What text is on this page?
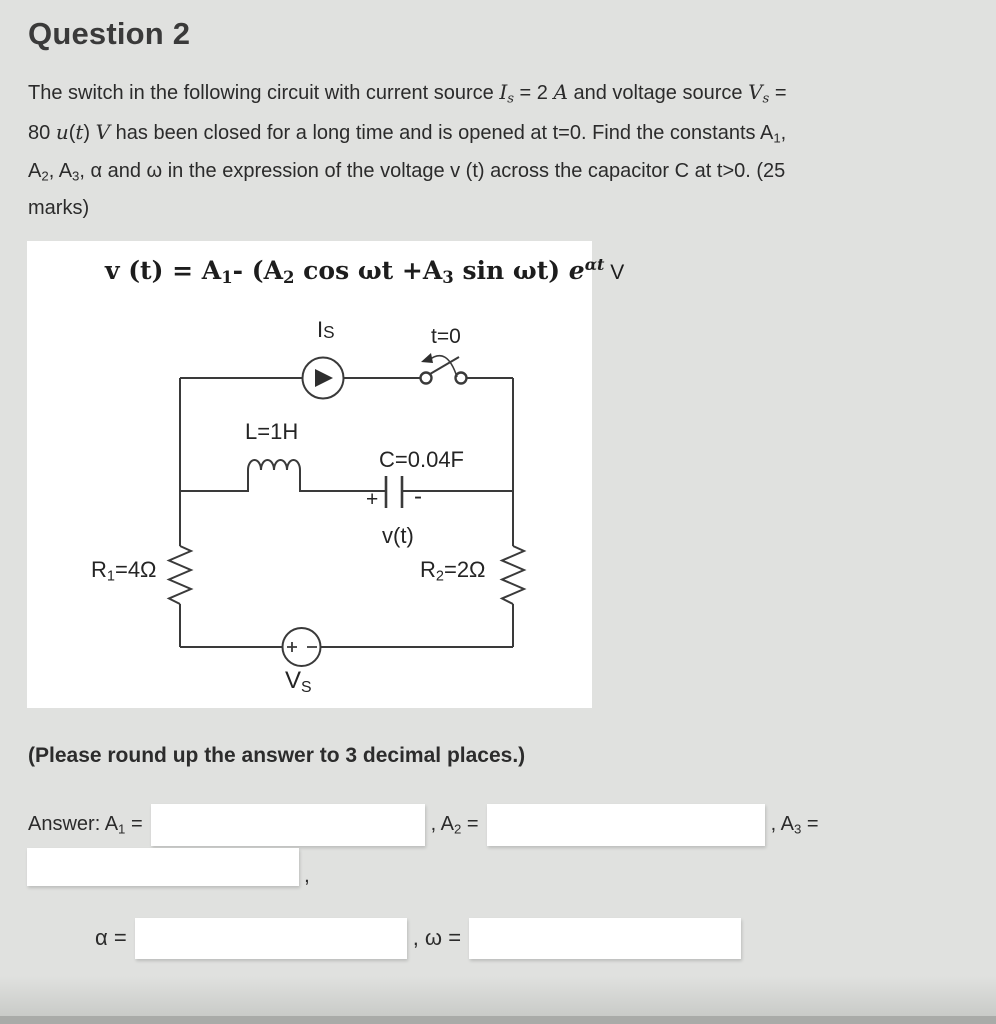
Question 2
The switch in the following circuit with current source Is = 2 A and voltage source Vs =
80 u(t) V has been closed for a long time and is opened at t=0. Find the constants A1,
A2, A3, α and ω in the expression of the voltage v (t) across the capacitor C at t>0. (25
marks)
v (t) = A1- (A2 cos ωt +A3 sin ωt) $e^{\alpha t}$ V
IS	t=0
L=1H
C=0.04F
+ -
v(t)
R1=4Ω	R2=2Ω
VS
(Please round up the answer to 3 decimal places.)
Answer: A1 =	, A2 =	, A3 =
,
α =	, ω =
